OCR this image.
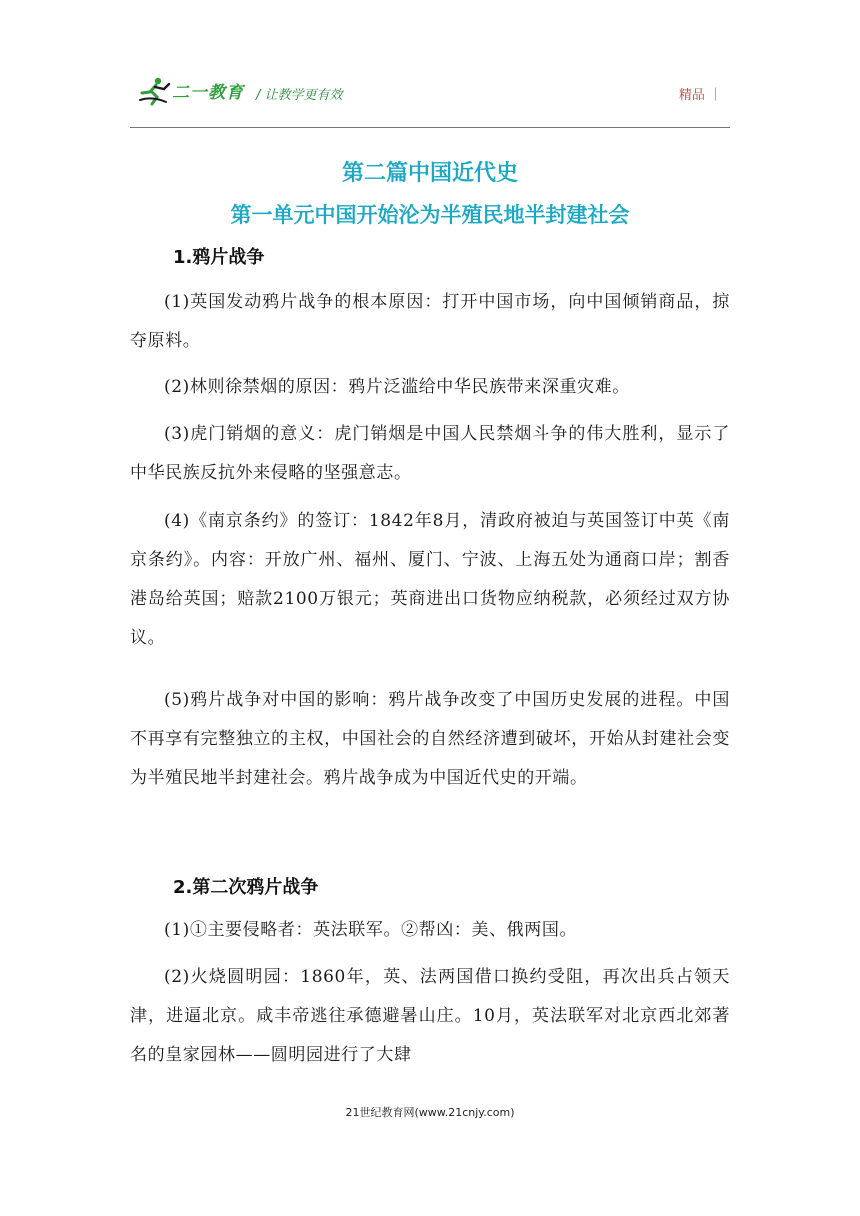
二一教育 / 让教学更有效	精品 ｜
第二篇中国近代史
第一单元中国开始沦为半殖民地半封建社会
1.鸦片战争

(1)英国发动鸦片战争的根本原因：打开中国市场，向中国倾销商品，掠夺原料。

(2)林则徐禁烟的原因：鸦片泛滥给中华民族带来深重灾难。

(3)虎门销烟的意义：虎门销烟是中国人民禁烟斗争的伟大胜利，显示了中华民族反抗外来侵略的坚强意志。

(4)《南京条约》的签订：1842年8月，清政府被迫与英国签订中英《南京条约》。内容：开放广州、福州、厦门、宁波、上海五处为通商口岸；割香港岛给英国；赔款2100万银元；英商进出口货物应纳税款，必须经过双方协议。

(5)鸦片战争对中国的影响：鸦片战争改变了中国历史发展的进程。中国不再享有完整独立的主权，中国社会的自然经济遭到破坏，开始从封建社会变为半殖民地半封建社会。鸦片战争成为中国近代史的开端。

2.第二次鸦片战争

(1)①主要侵略者：英法联军。②帮凶：美、俄两国。

(2)火烧圆明园：1860年，英、法两国借口换约受阻，再次出兵占领天津，进逼北京。咸丰帝逃往承德避暑山庄。10月，英法联军对北京西北郊著名的皇家园林——圆明园进行了大肆

21世纪教育网(www.21cnjy.com)
